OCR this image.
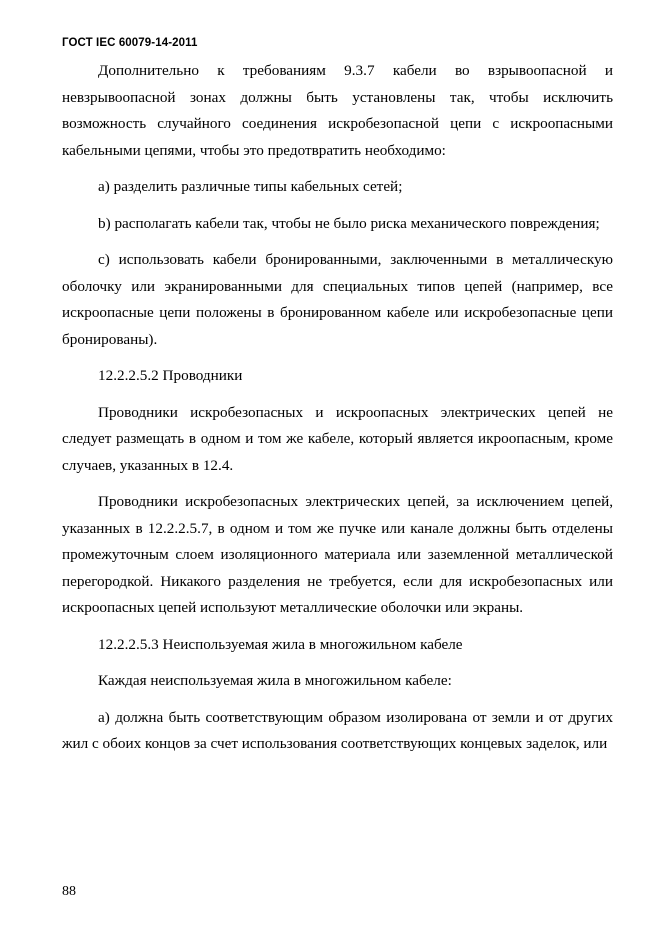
ГОСТ IEC 60079-14-2011

Дополнительно к требованиям 9.3.7 кабели во взрывоопасной и невзрывоопасной зонах должны быть установлены так, чтобы исключить возможность случайного соединения искробезопасной цепи с искроопасными кабельными цепями, чтобы это предотвратить необходимо:

a) разделить различные типы кабельных сетей;

b) располагать кабели так, чтобы не было риска механического повреждения;

c) использовать кабели бронированными, заключенными в металлическую оболочку или экранированными для специальных типов цепей (например, все искроопасные цепи положены в бронированном кабеле или искробезопасные цепи бронированы).

12.2.2.5.2 Проводники

Проводники искробезопасных и искроопасных электрических цепей не следует размещать в одном и том же кабеле, который является икроопасным, кроме случаев, указанных в 12.4.

Проводники искробезопасных электрических цепей, за исключением цепей, указанных в 12.2.2.5.7, в одном и том же пучке или канале должны быть отделены промежуточным слоем изоляционного материала или заземленной металлической перегородкой. Никакого разделения не требуется, если для искробезопасных или искроопасных цепей используют металлические оболочки или экраны.

12.2.2.5.3 Неиспользуемая жила в многожильном кабеле

Каждая неиспользуемая жила в многожильном кабеле:

а) должна быть соответствующим образом изолирована от земли и от других жил с обоих концов за счет использования соответствующих концевых заделок, или

88
